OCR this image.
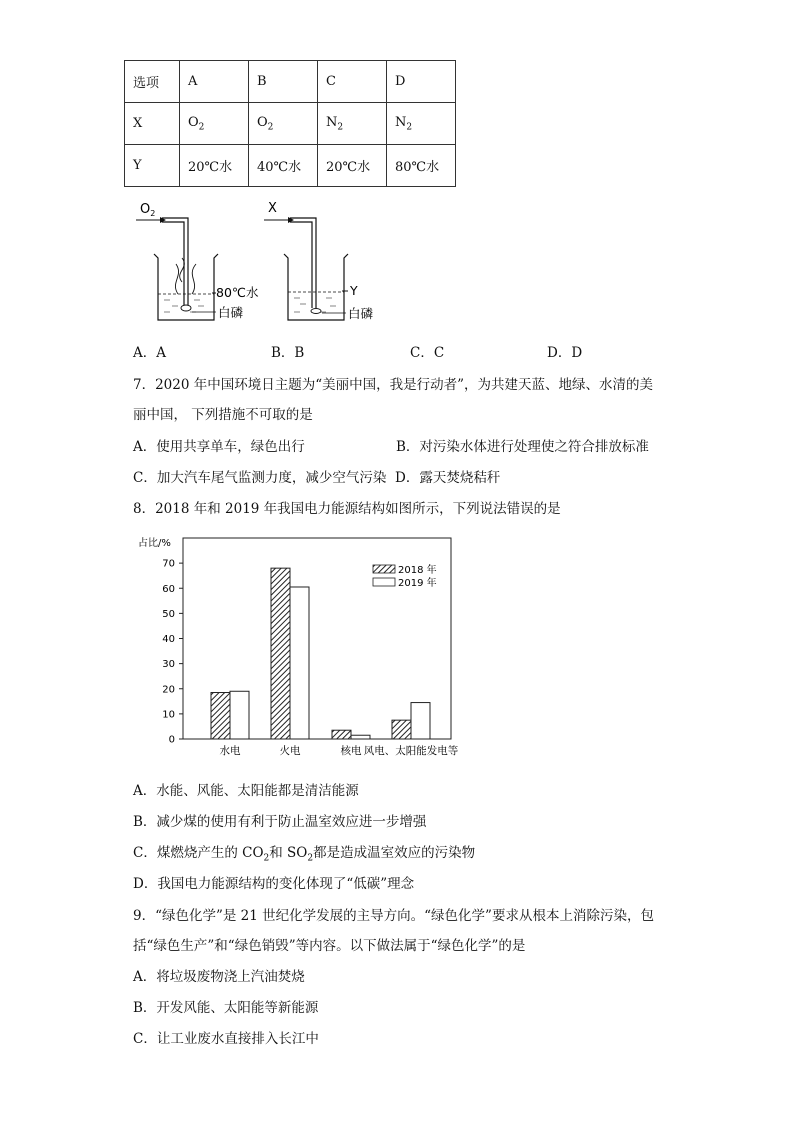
选项	A	B	C	D
X	$O_2$	$O_2$	$N_2$	$N_2$
Y	20℃水	40℃水	20℃水	80℃水
$O_2$
80℃水
白磷
X
Y
白磷
A．A	B．B	C．C	D．D
7．2020 年中国环境日主题为“美丽中国，我是行动者”，为共建天蓝、地绿、水清的美
丽中国， 下列措施不可取的是
A．使用共享单车，绿色出行	B．对污染水体进行处理使之符合排放标准
C．加大汽车尾气监测力度，减少空气污染 D．露天焚烧秸秆
8．2018 年和 2019 年我国电力能源结构如图所示，下列说法错误的是
占比/%
0
10
20
30
40
50
60
70
水电	火电	核电 风电、太阳能发电等
2018 年
2019 年
A．水能、风能、太阳能都是清洁能源
B．减少煤的使用有利于防止温室效应进一步增强
C．煤燃烧产生的 $CO_2$和 $SO_2$都是造成温室效应的污染物
D．我国电力能源结构的变化体现了“低碳”理念
9．“绿色化学”是 21 世纪化学发展的主导方向。“绿色化学”要求从根本上消除污染，包
括“绿色生产”和“绿色销毁”等内容。以下做法属于“绿色化学”的是
A．将垃圾废物浇上汽油焚烧
B．开发风能、太阳能等新能源
C．让工业废水直接排入长江中
